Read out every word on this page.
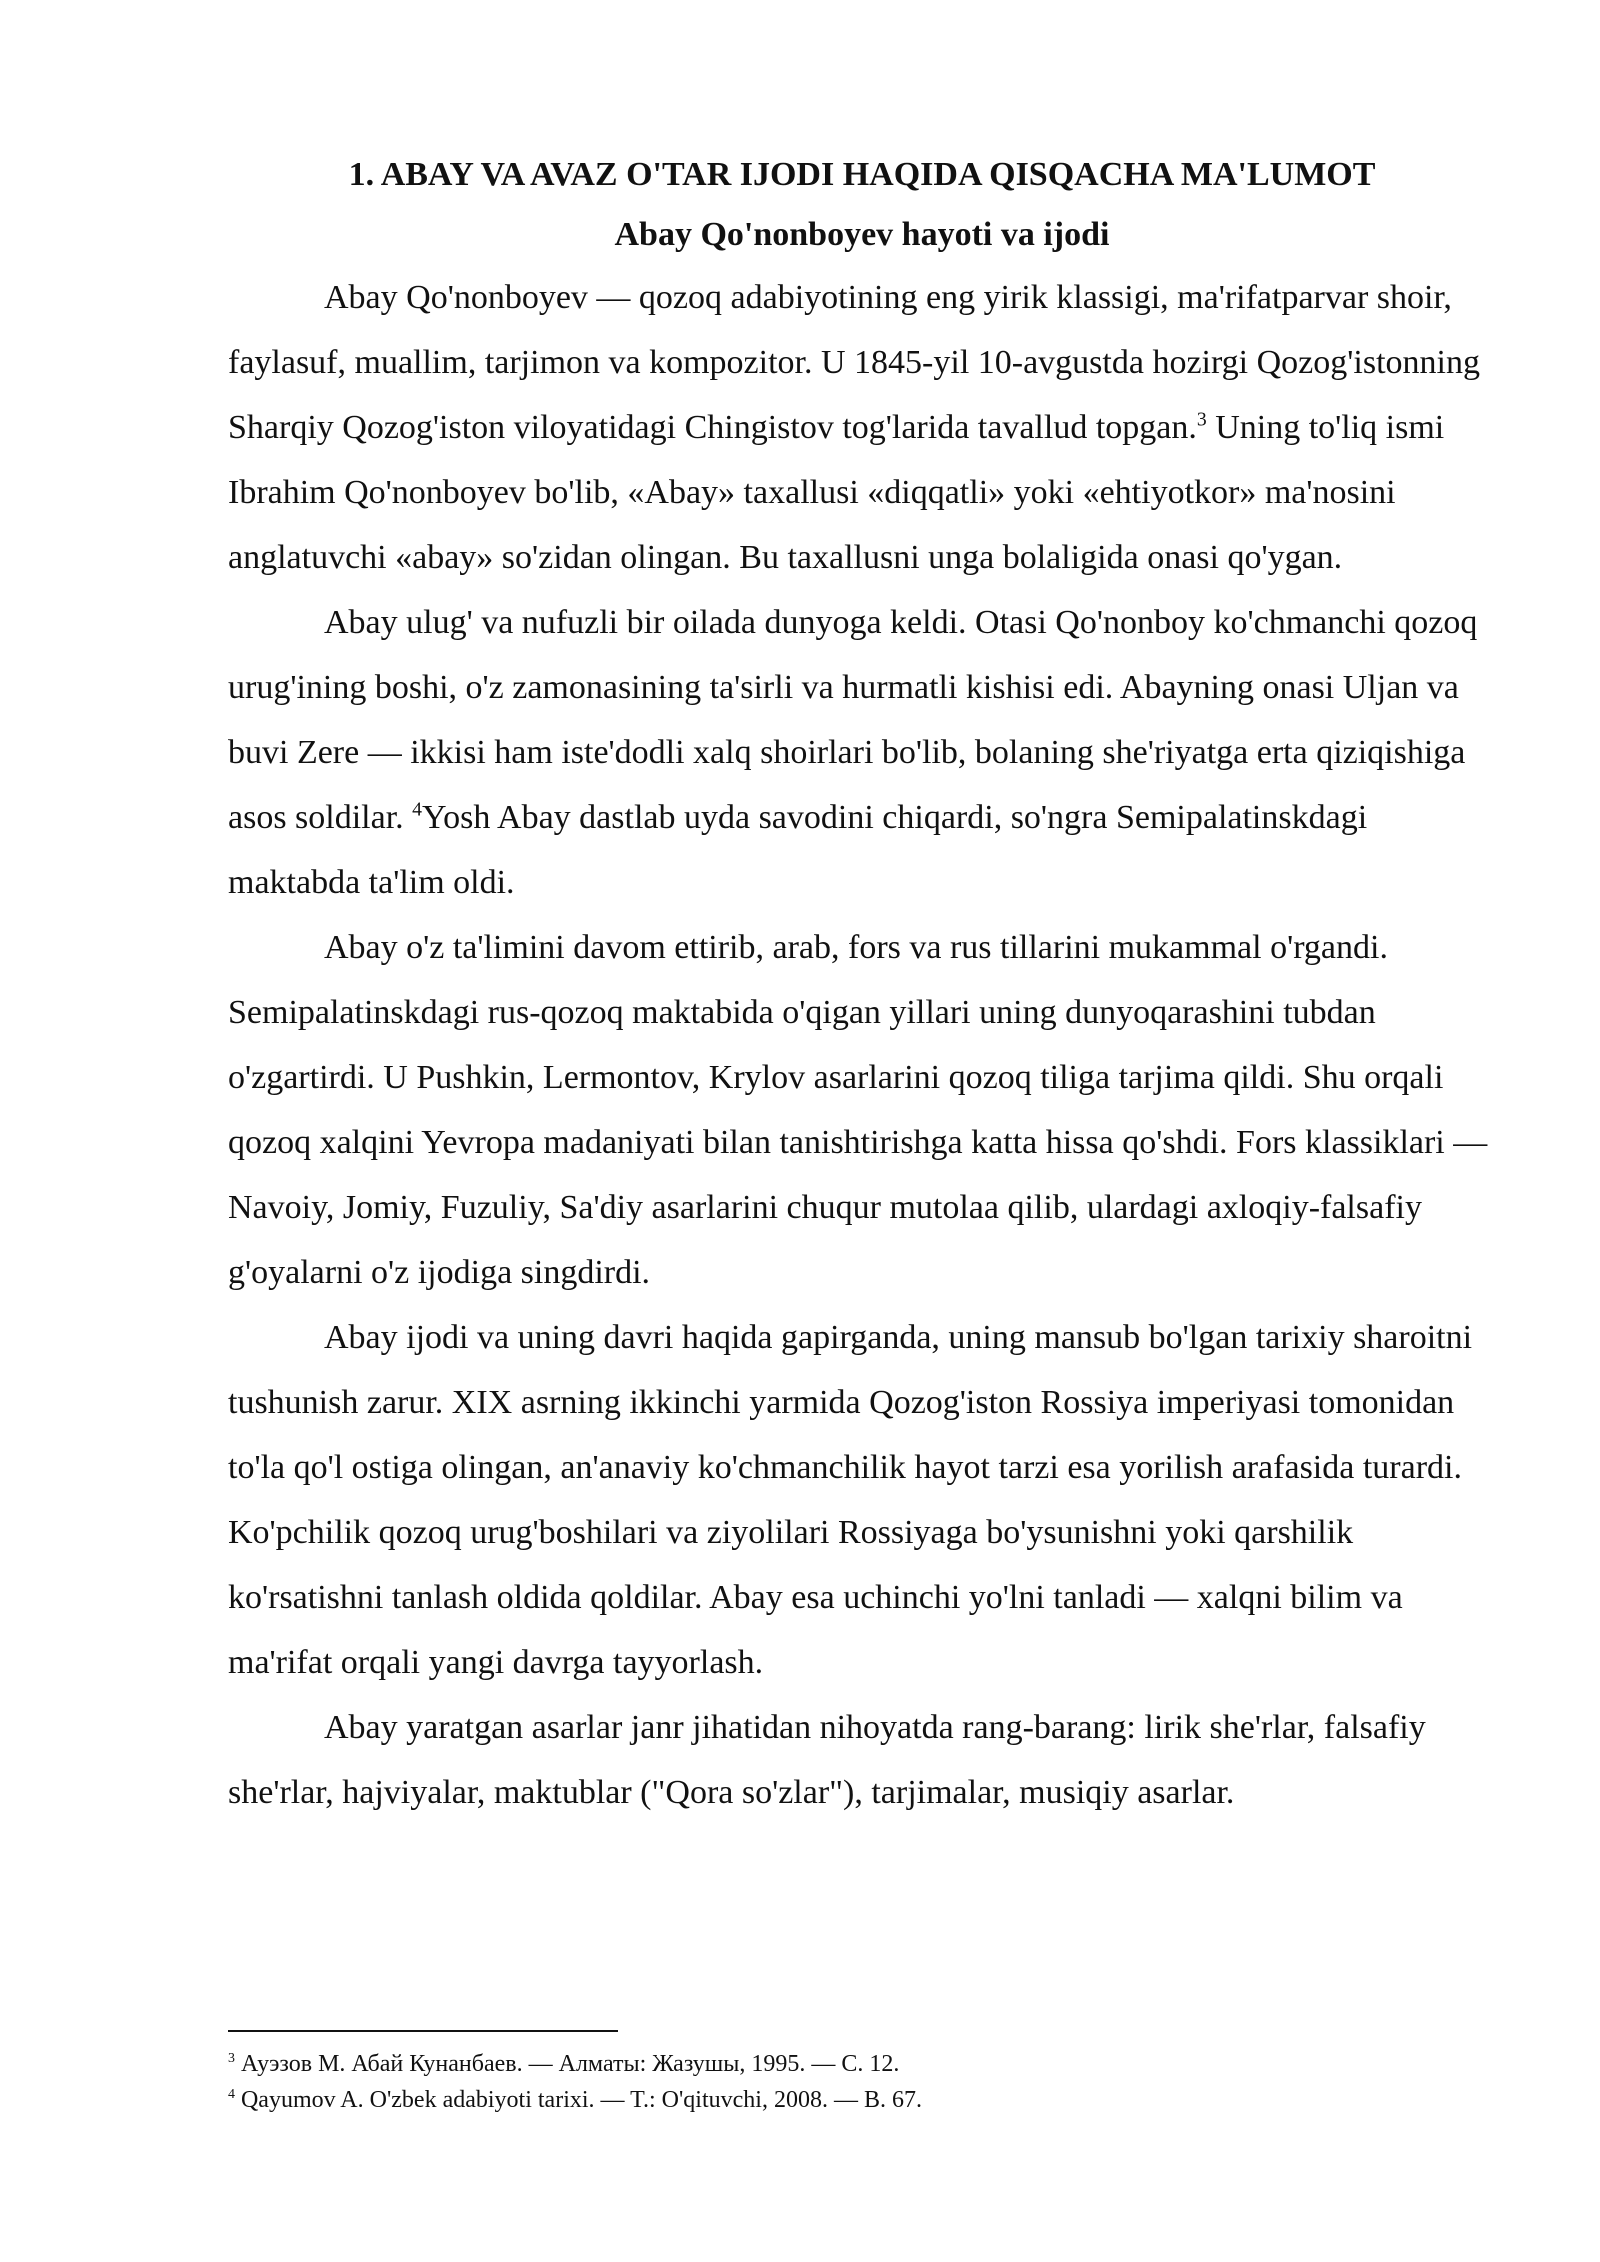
1. ABAY VA AVAZ O'TAR IJODI HAQIDA QISQACHA MA'LUMOT
Abay Qo'nonboyev hayoti va ijodi

Abay Qo'nonboyev — qozoq adabiyotining eng yirik klassigi, ma'rifatparvar shoir, faylasuf, muallim, tarjimon va kompozitor. U 1845-yil 10-avgustda hozirgi Qozog'istonning Sharqiy Qozog'iston viloyatidagi Chingistov tog'larida tavallud topgan.$^3$ Uning to'liq ismi Ibrahim Qo'nonboyev bo'lib, «Abay» taxallusi «diqqatli» yoki «ehtiyotkor» ma'nosini anglatuvchi «abay» so'zidan olingan. Bu taxallusni unga bolaligida onasi qo'ygan.

Abay ulug' va nufuzli bir oilada dunyoga keldi. Otasi Qo'nonboy ko'chmanchi qozoq urug'ining boshi, o'z zamonasining ta'sirli va hurmatli kishisi edi. Abayning onasi Uljan va buvi Zere — ikkisi ham iste'dodli xalq shoirlari bo'lib, bolaning she'riyatga erta qiziqishiga asos soldilar. $^4$Yosh Abay dastlab uyda savodini chiqardi, so'ngra Semipalatinskdagi maktabda ta'lim oldi.

Abay o'z ta'limini davom ettirib, arab, fors va rus tillarini mukammal o'rgandi. Semipalatinskdagi rus-qozoq maktabida o'qigan yillari uning dunyoqarashini tubdan o'zgartirdi. U Pushkin, Lermontov, Krylov asarlarini qozoq tiliga tarjima qildi. Shu orqali qozoq xalqini Yevropa madaniyati bilan tanishtirishga katta hissa qo'shdi. Fors klassiklari — Navoiy, Jomiy, Fuzuliy, Sa'diy asarlarini chuqur mutolaa qilib, ulardagi axloqiy-falsafiy g'oyalarni o'z ijodiga singdirdi.

Abay ijodi va uning davri haqida gapirganda, uning mansub bo'lgan tarixiy sharoitni tushunish zarur. XIX asrning ikkinchi yarmida Qozog'iston Rossiya imperiyasi tomonidan to'la qo'l ostiga olingan, an'anaviy ko'chmanchilik hayot tarzi esa yorilish arafasida turardi. Ko'pchilik qozoq urug'boshilari va ziyolilari Rossiyaga bo'ysunishni yoki qarshilik ko'rsatishni tanlash oldida qoldilar. Abay esa uchinchi yo'lni tanladi — xalqni bilim va ma'rifat orqali yangi davrga tayyorlash.

Abay yaratgan asarlar janr jihatidan nihoyatda rang-barang: lirik she'rlar, falsafiy she'rlar, hajviyalar, maktublar ("Qora so'zlar"), tarjimalar, musiqiy asarlar.

$^3$ Ауэзов М. Абай Кунанбаев. — Алматы: Жазушы, 1995. — С. 12.

$^4$ Qayumov A. O'zbek adabiyoti tarixi. — T.: O'qituvchi, 2008. — B. 67.
